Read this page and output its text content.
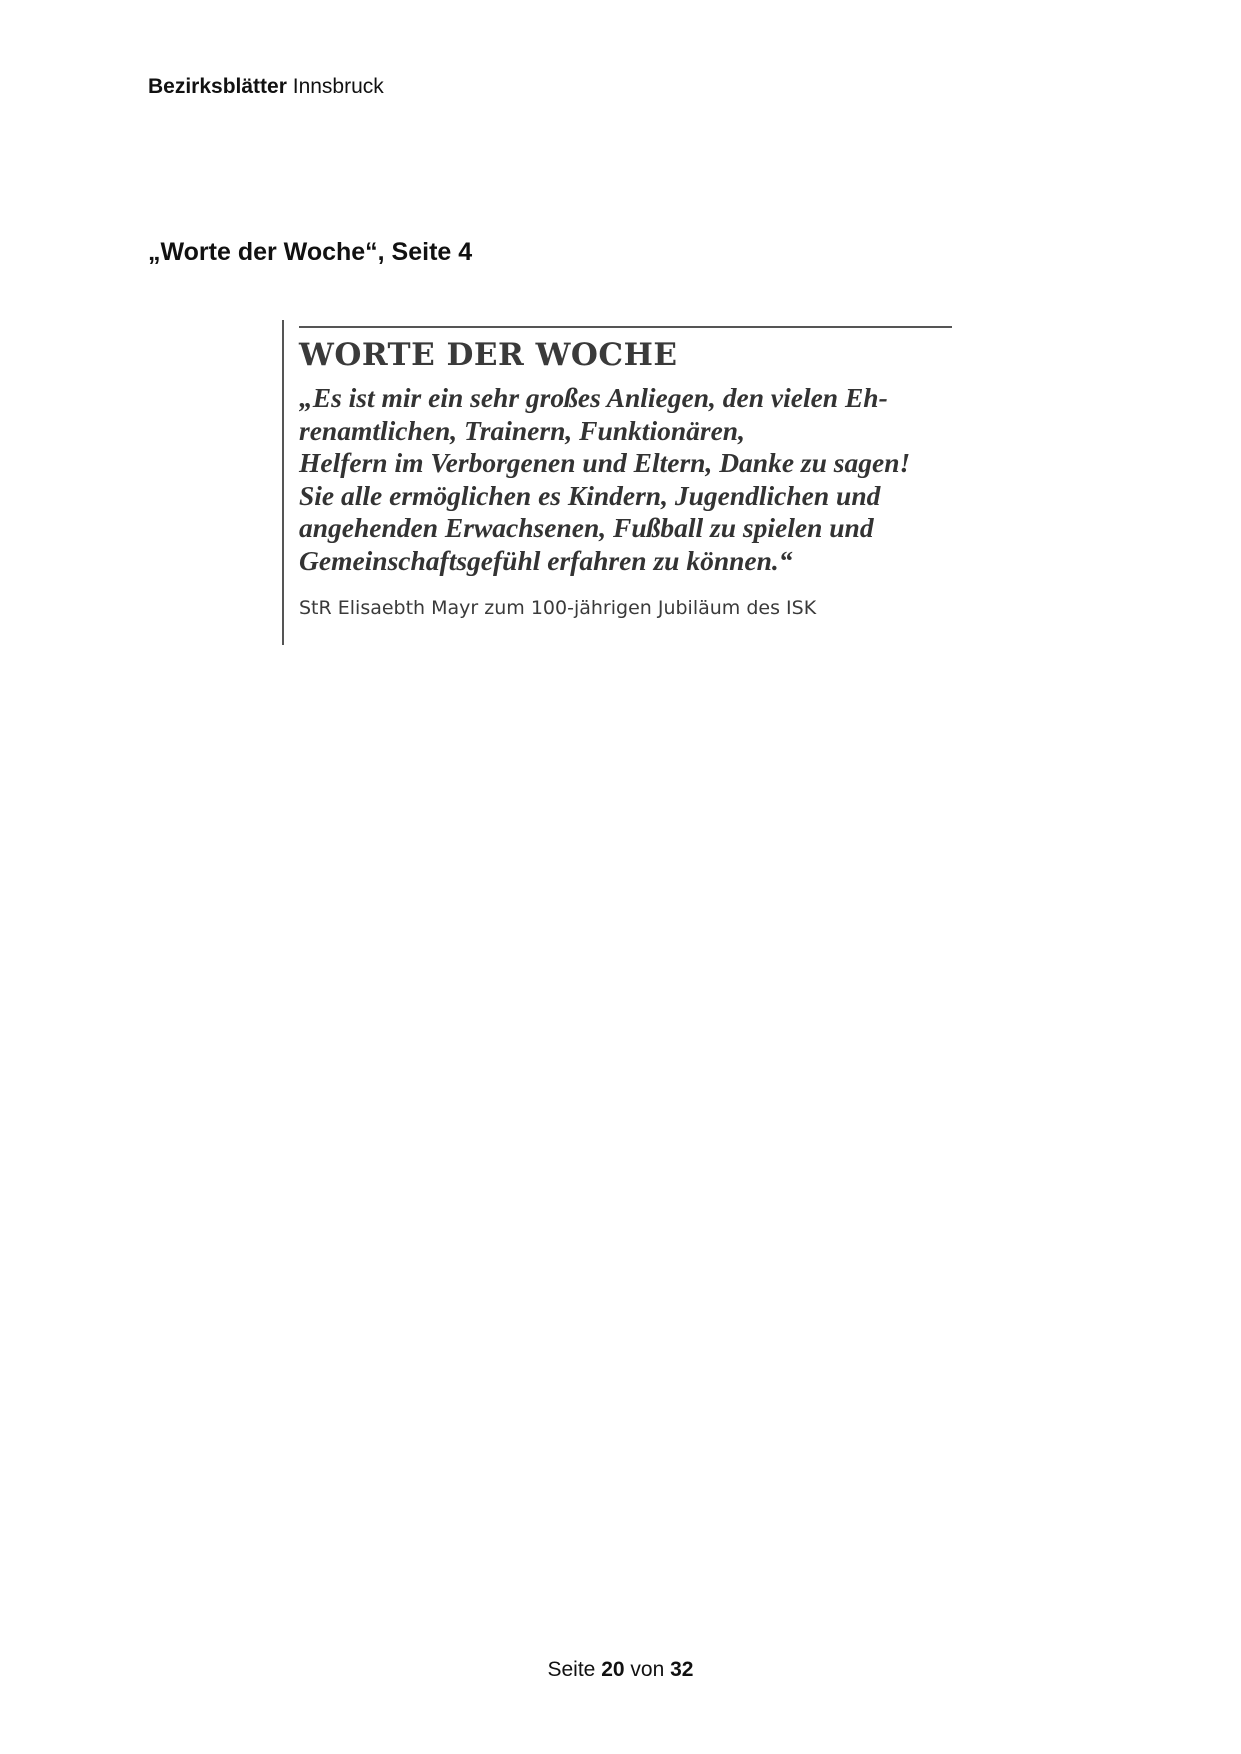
Bezirksblätter Innsbruck
„Worte der Woche“, Seite 4
WORTE DER WOCHE
„Es ist mir ein sehr großes Anliegen, den vielen Eh-
renamtlichen, Trainern, Funktionären,
Helfern im Verborgenen und Eltern, Danke zu sagen!
Sie alle ermöglichen es Kindern, Jugendlichen und
angehenden Erwachsenen, Fußball zu spielen und
Gemeinschaftsgefühl erfahren zu können.“
StR Elisaebth Mayr zum 100-jährigen Jubiläum des ISK
Seite 20 von 32
